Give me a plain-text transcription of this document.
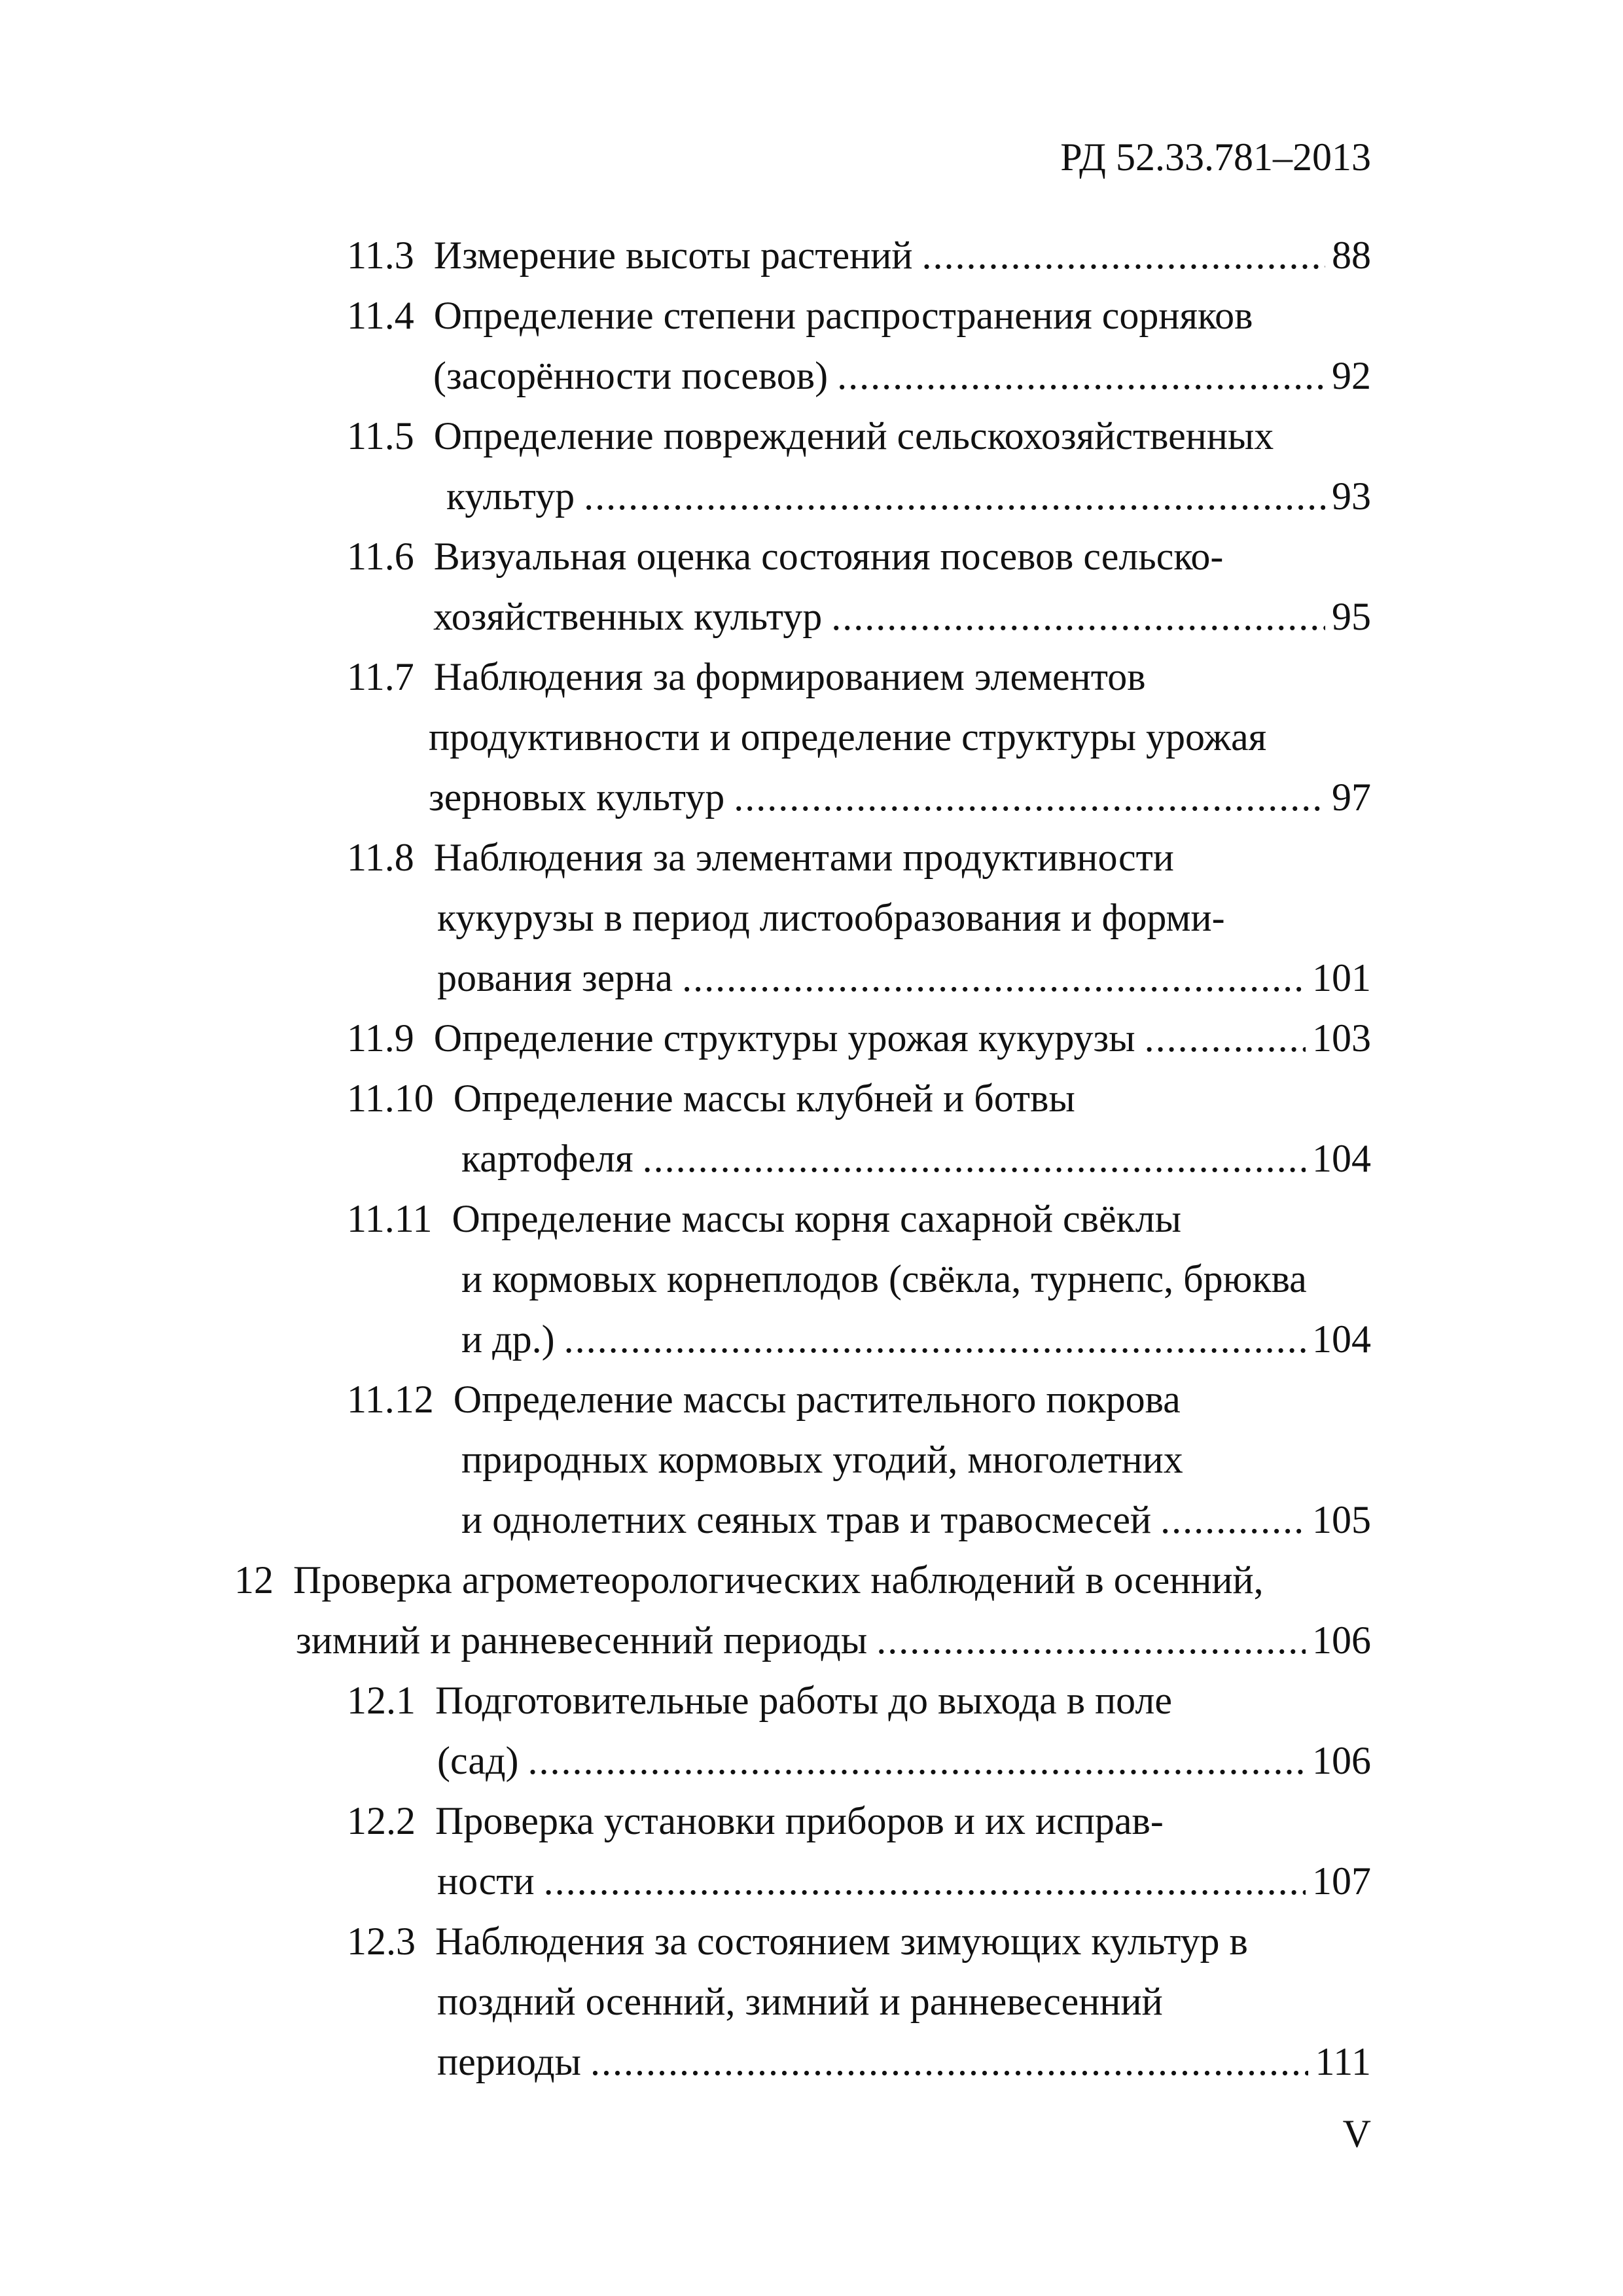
РД 52.33.781–2013
11.3 Измерение высоты растений .....	88
11.4 Определение степени распространения сорняков
(засорённости посевов) .....	92
11.5 Определение повреждений сельскохозяйственных
культур .....	93
11.6 Визуальная оценка состояния посевов сельско-
хозяйственных культур .....	95
11.7 Наблюдения за формированием элементов
продуктивности и определение структуры урожая
зерновых культур .....	97
11.8 Наблюдения за элементами продуктивности
кукурузы в период листообразования и форми-
рования зерна .....	101
11.9 Определение структуры урожая кукурузы .....	103
11.10 Определение массы клубней и ботвы
картофеля .....	104
11.11 Определение массы корня сахарной свёклы
и кормовых корнеплодов (свёкла, турнепс, брюква
и др.) .....	104
11.12 Определение массы растительного покрова
природных кормовых угодий, многолетних
и однолетних сеяных трав и травосмесей .....	105
12 Проверка агрометеорологических наблюдений в осенний,
зимний и ранневесенний периоды .....	106
12.1 Подготовительные работы до выхода в поле
(сад) .....	106
12.2 Проверка установки приборов и их исправ-
ности .....	107
12.3 Наблюдения за состоянием зимующих культур в
поздний осенний, зимний и ранневесенний
периоды .....	111
V
